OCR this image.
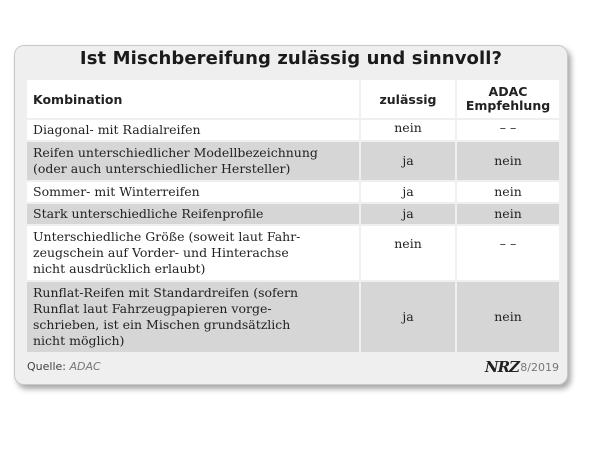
Ist Mischbereifung zulässig und sinnvoll?
Kombination	zulässig	ADAC
Empfehlung
Diagonal- mit Radialreifen	nein	– –
Reifen unterschiedlicher Modellbezeichnung
(oder auch unterschiedlicher Hersteller)	ja	nein
Sommer- mit Winterreifen	ja	nein
Stark unterschiedliche Reifenprofile	ja	nein
Unterschiedliche Größe (soweit laut Fahr-
zeugschein auf Vorder- und Hinterachse
nicht ausdrücklich erlaubt)	nein	– –
Runflat-Reifen mit Standardreifen (sofern
Runflat laut Fahrzeugpapieren vorge-
schrieben, ist ein Mischen grundsätzlich
nicht möglich)	ja	nein
Quelle: ADAC	NRZ 8/2019
